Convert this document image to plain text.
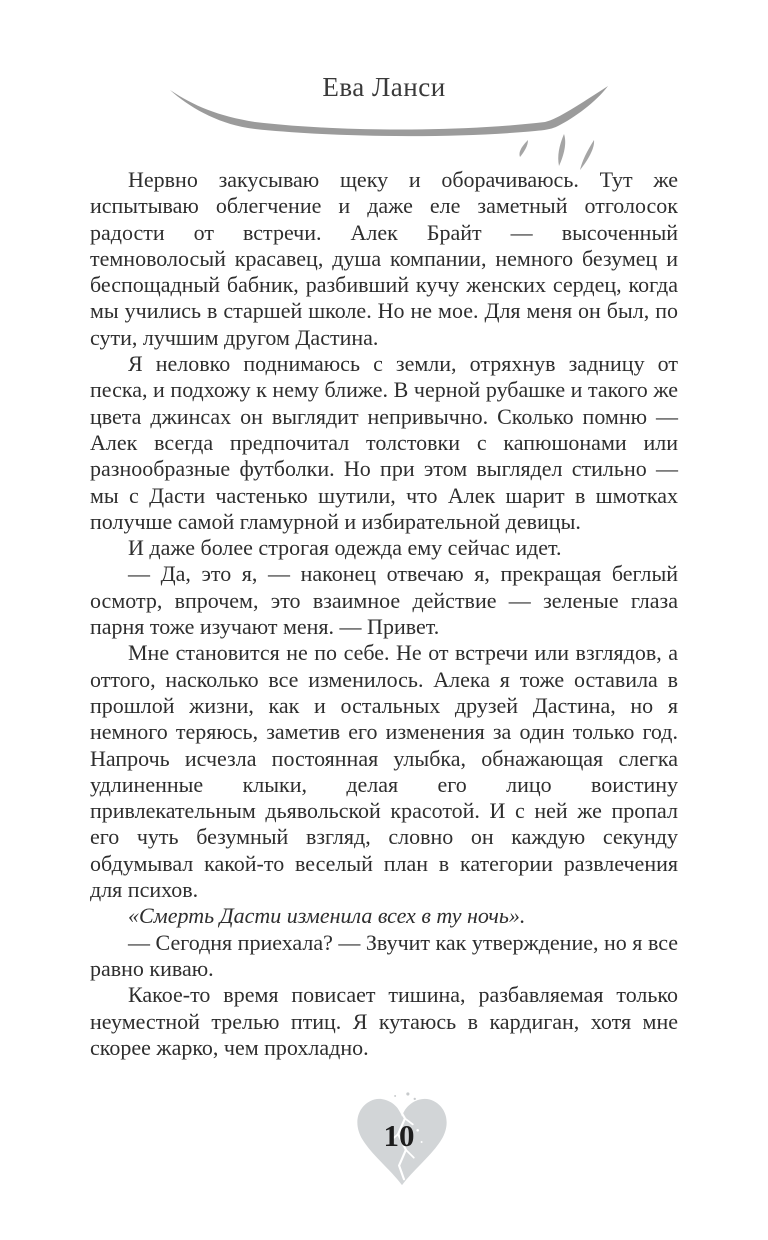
Ева Ланси

Нервно закусываю щеку и оборачиваюсь. Тут же испытываю облегчение и даже еле заметный отголосок радости от встречи. Алек Брайт — высоченный темноволосый красавец, душа компании, немного безумец и беспощадный бабник, разбивший кучу женских сердец, когда мы учились в старшей школе. Но не мое. Для меня он был, по сути, лучшим другом Дастина.

Я неловко поднимаюсь с земли, отряхнув задницу от песка, и подхожу к нему ближе. В черной рубашке и такого же цвета джинсах он выглядит непривычно. Сколько помню — Алек всегда предпочитал толстовки с капюшонами или разнообразные футболки. Но при этом выглядел стильно — мы с Дасти частенько шутили, что Алек шарит в шмотках получше самой гламурной и избирательной девицы.

И даже более строгая одежда ему сейчас идет.

— Да, это я, — наконец отвечаю я, прекращая беглый осмотр, впрочем, это взаимное действие — зеленые глаза парня тоже изучают меня. — Привет.

Мне становится не по себе. Не от встречи или взглядов, а оттого, насколько все изменилось. Алека я тоже оставила в прошлой жизни, как и остальных друзей Дастина, но я немного теряюсь, заметив его изменения за один только год. Напрочь исчезла постоянная улыбка, обнажающая слегка удлиненные клыки, делая его лицо воистину привлекательным дьявольской красотой. И с ней же пропал его чуть безумный взгляд, словно он каждую секунду обдумывал какой-то веселый план в категории развлечения для психов.

«Смерть Дасти изменила всех в ту ночь».

— Сегодня приехала? — Звучит как утверждение, но я все равно киваю.

Какое-то время повисает тишина, разбавляемая только неуместной трелью птиц. Я кутаюсь в кардиган, хотя мне скорее жарко, чем прохладно.

10
